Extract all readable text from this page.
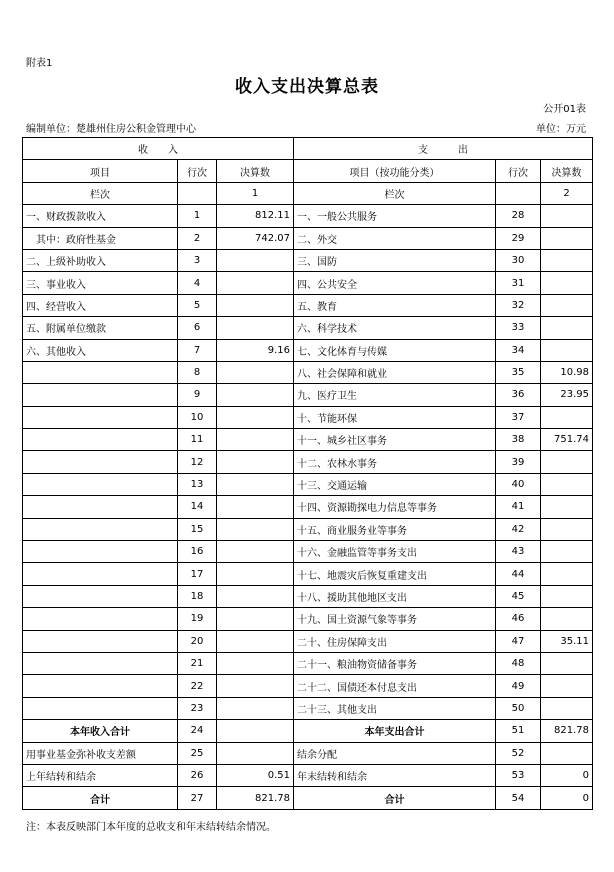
附表1
收入支出决算总表
公开01表
编制单位：楚雄州住房公积金管理中心	单位：万元
收　　入			支　　　出		
项目	行次	决算数	项目（按功能分类）	行次	决算数
栏次		1	栏次		2
一、财政拨款收入	1	812.11	一、一般公共服务	28	
　其中：政府性基金	2	742.07	二、外交	29	
二、上级补助收入	3		三、国防	30	
三、事业收入	4		四、公共安全	31	
四、经营收入	5		五、教育	32	
五、附属单位缴款	6		六、科学技术	33	
六、其他收入	7	9.16	七、文化体育与传媒	34	
	8		八、社会保障和就业	35	10.98
	9		九、医疗卫生	36	23.95
	10		十、节能环保	37	
	11		十一、城乡社区事务	38	751.74
	12		十二、农林水事务	39	
	13		十三、交通运输	40	
	14		十四、资源勘探电力信息等事务	41	
	15		十五、商业服务业等事务	42	
	16		十六、金融监管等事务支出	43	
	17		十七、地震灾后恢复重建支出	44	
	18		十八、援助其他地区支出	45	
	19		十九、国土资源气象等事务	46	
	20		二十、住房保障支出	47	35.11
	21		二十一、粮油物资储备事务	48	
	22		二十二、国债还本付息支出	49	
	23		二十三、其他支出	50	
本年收入合计	24		本年支出合计	51	821.78
用事业基金弥补收支差额	25		结余分配	52	
上年结转和结余	26	0.51	年末结转和结余	53	0
合计	27	821.78	合计	54	0
注：本表反映部门本年度的总收支和年末结转结余情况。
